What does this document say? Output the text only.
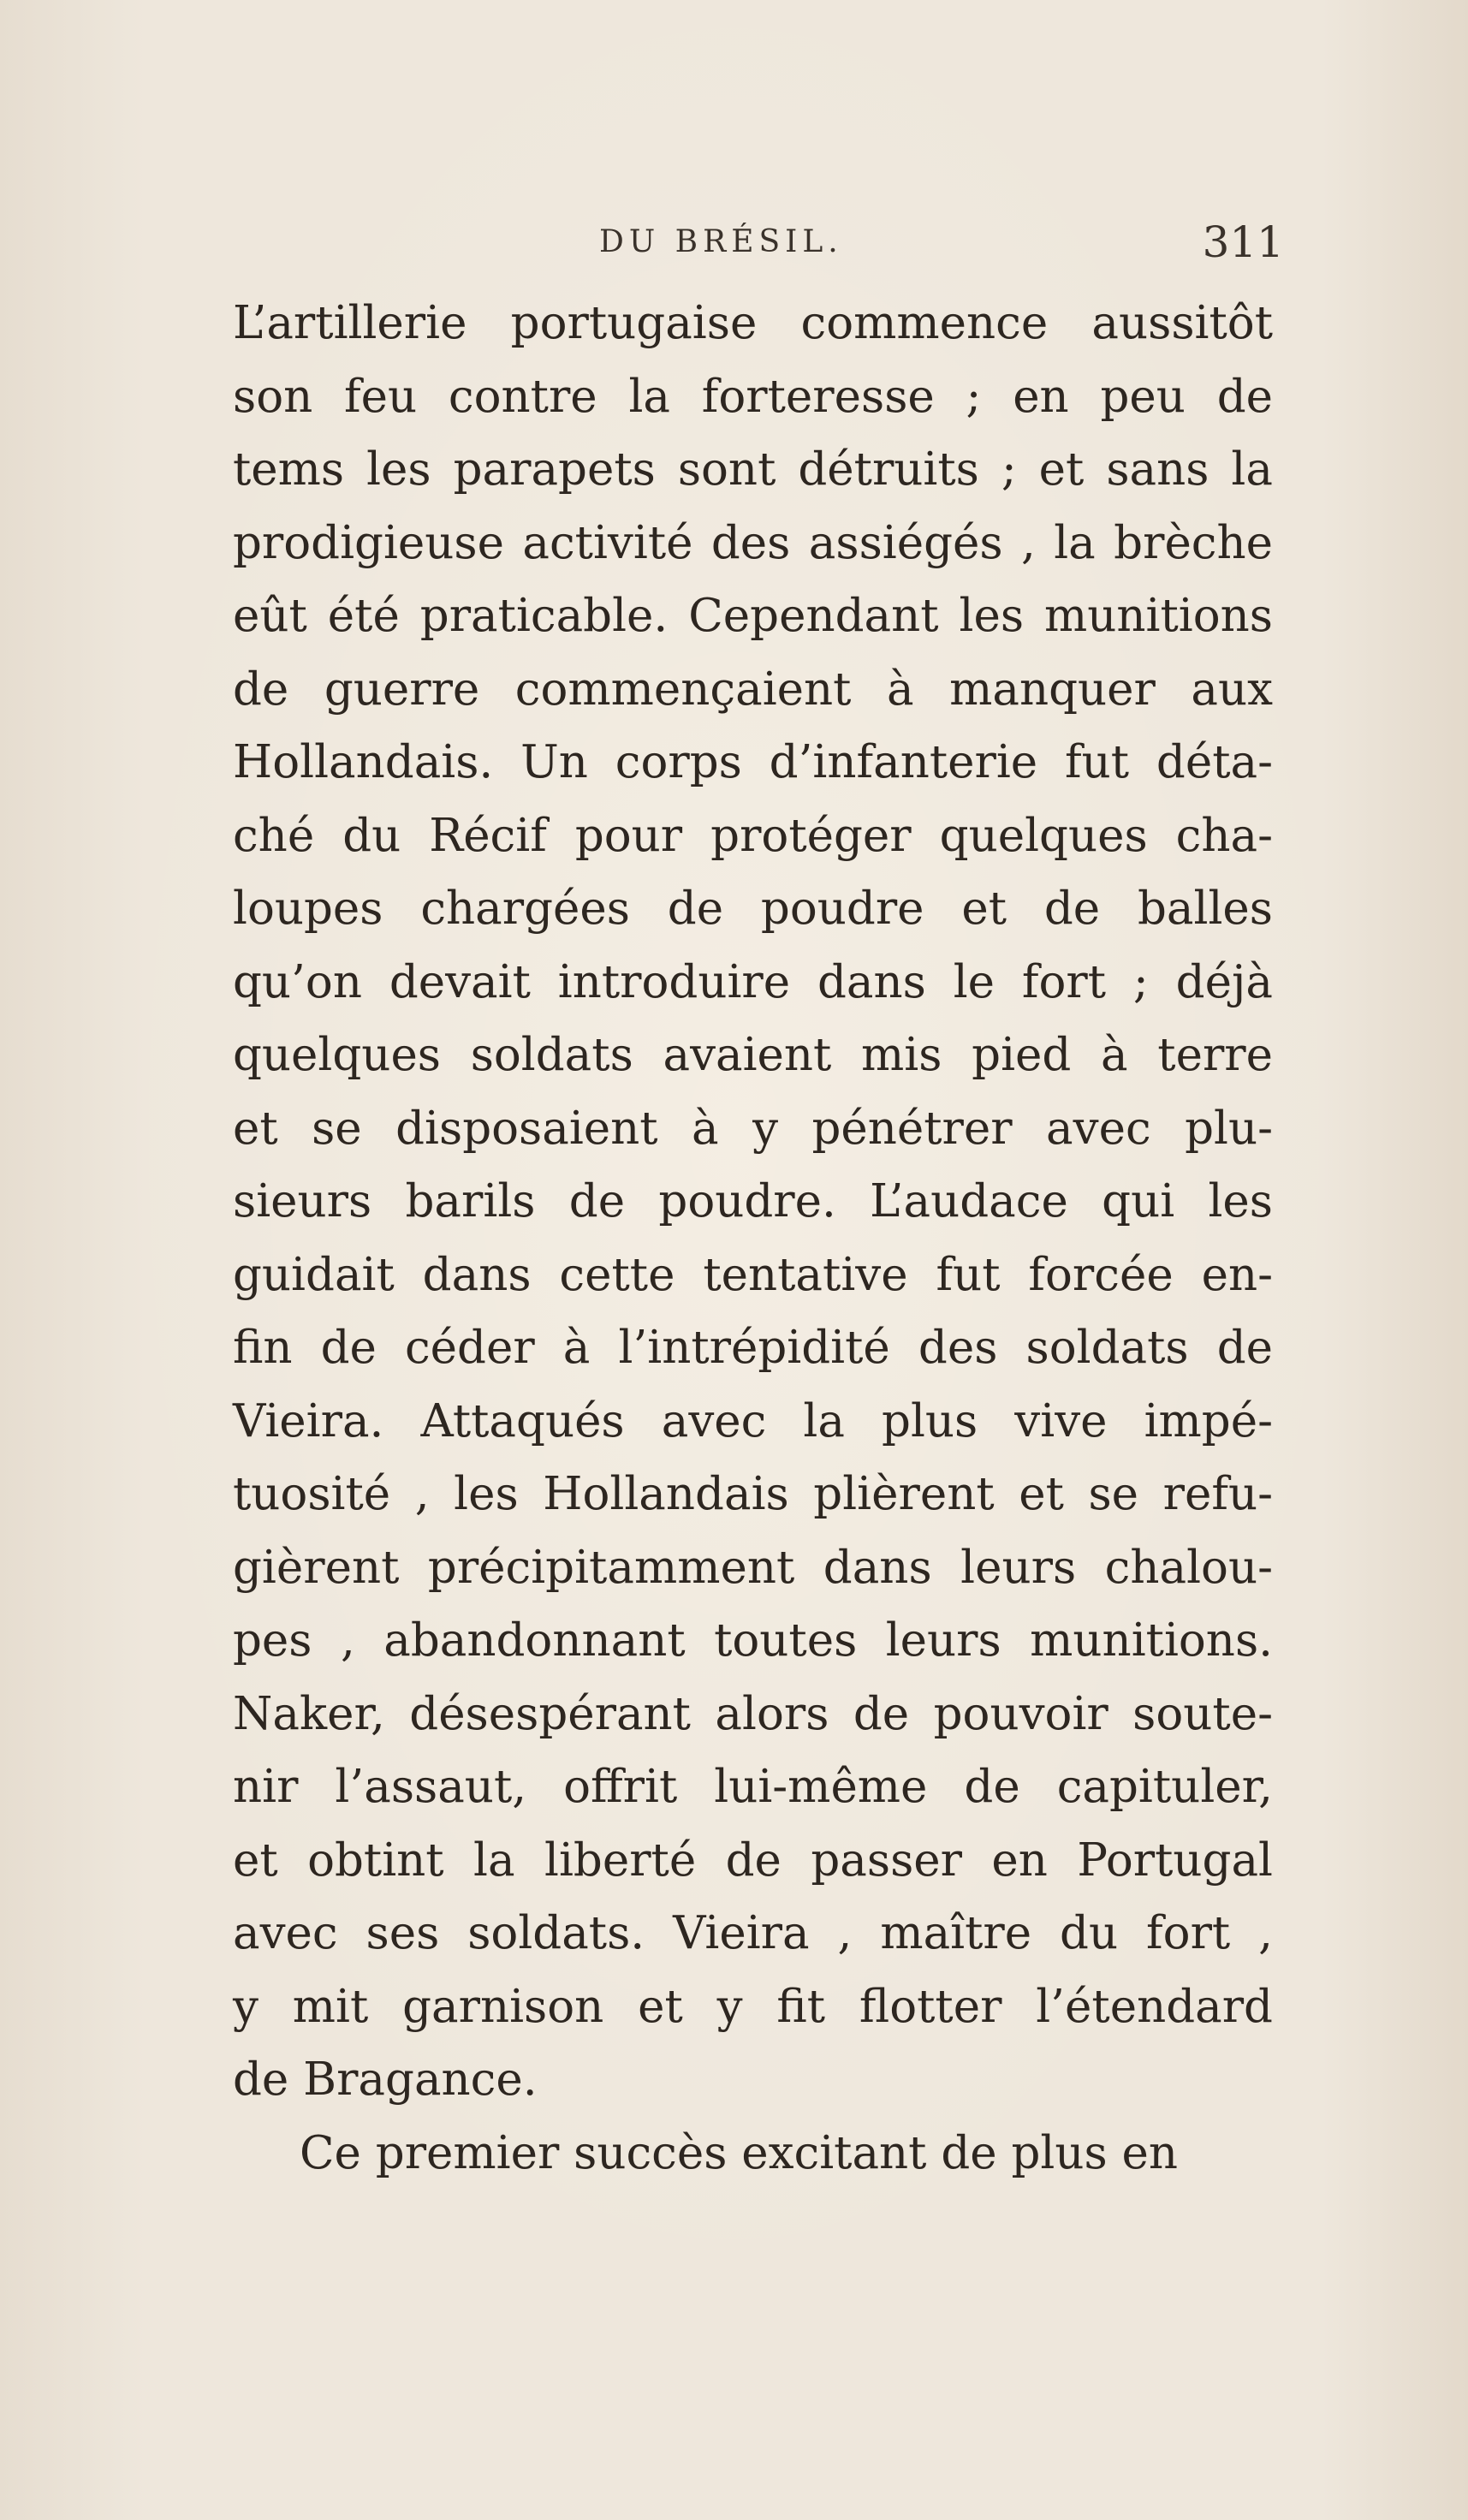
DU BRÉSIL.	311
L’artillerie portugaise commence aussitôt
son feu contre la forteresse ; en peu de
tems les parapets sont détruits ; et sans la
prodigieuse activité des assiégés , la brèche
eût été praticable. Cependant les munitions
de guerre commençaient à manquer aux
Hollandais. Un corps d’infanterie fut déta-
ché du Récif pour protéger quelques cha-
loupes chargées de poudre et de balles
qu’on devait introduire dans le fort ; déjà
quelques soldats avaient mis pied à terre
et se disposaient à y pénétrer avec plu-
sieurs barils de poudre. L’audace qui les
guidait dans cette tentative fut forcée en-
fin de céder à l’intrépidité des soldats de
Vieira. Attaqués avec la plus vive impé-
tuosité , les Hollandais plièrent et se refu-
gièrent précipitamment dans leurs chalou-
pes , abandonnant toutes leurs munitions.
Naker, désespérant alors de pouvoir soute-
nir l’assaut, offrit lui-même de capituler,
et obtint la liberté de passer en Portugal
avec ses soldats. Vieira , maître du fort ,
y mit garnison et y fit flotter l’étendard
de Bragance.
Ce premier succès excitant de plus en
